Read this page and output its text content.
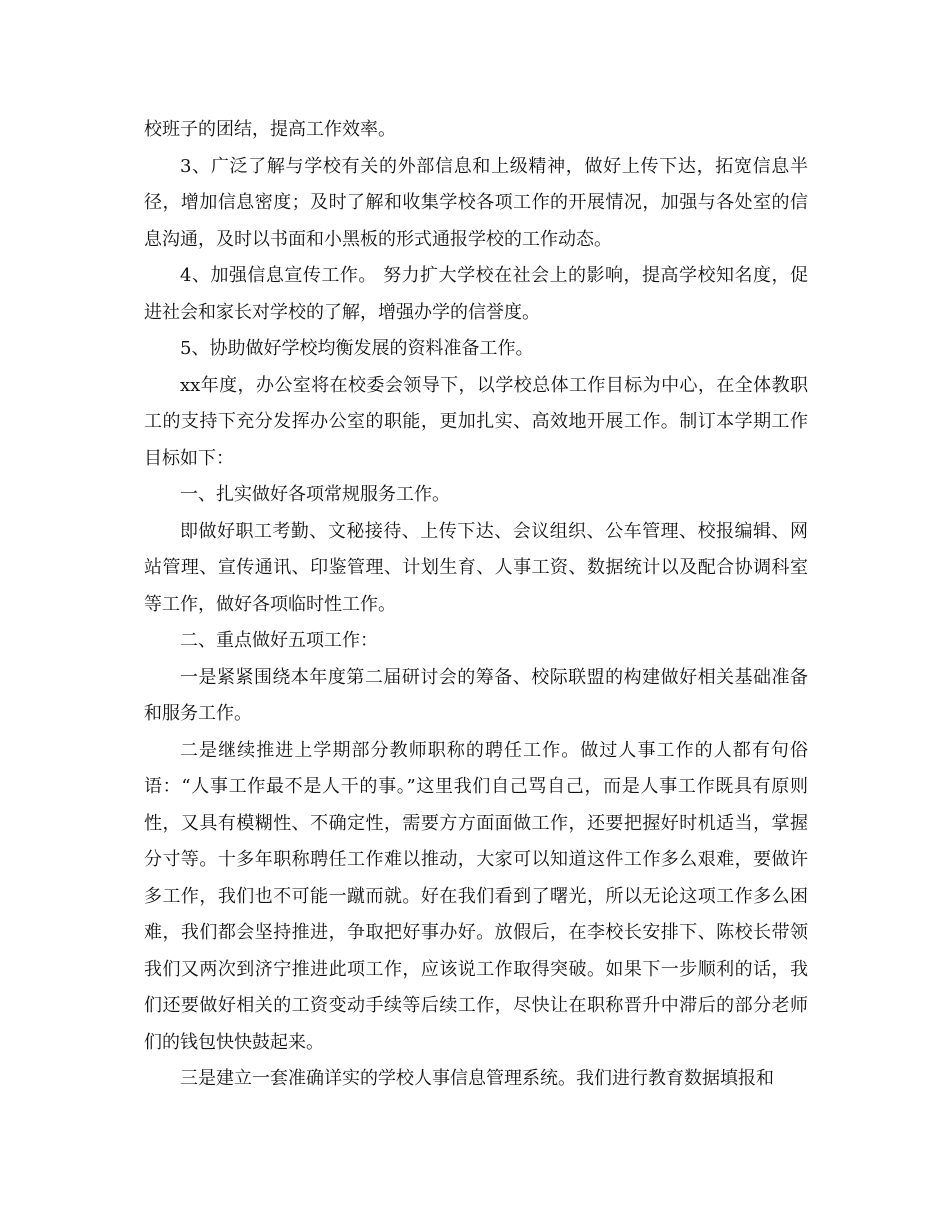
校班子的团结，提高工作效率。

3、广泛了解与学校有关的外部信息和上级精神，做好上传下达，拓宽信息半径，增加信息密度；及时了解和收集学校各项工作的开展情况，加强与各处室的信息沟通，及时以书面和小黑板的形式通报学校的工作动态。

4、加强信息宣传工作。 努力扩大学校在社会上的影响，提高学校知名度，促进社会和家长对学校的了解，增强办学的信誉度。

5、协助做好学校均衡发展的资料准备工作。

xx年度，办公室将在校委会领导下，以学校总体工作目标为中心，在全体教职工的支持下充分发挥办公室的职能，更加扎实、高效地开展工作。制订本学期工作目标如下：

一、扎实做好各项常规服务工作。

即做好职工考勤、文秘接待、上传下达、会议组织、公车管理、校报编辑、网站管理、宣传通讯、印鉴管理、计划生育、人事工资、数据统计以及配合协调科室等工作，做好各项临时性工作。

二、重点做好五项工作：

一是紧紧围绕本年度第二届研讨会的筹备、校际联盟的构建做好相关基础准备和服务工作。

二是继续推进上学期部分教师职称的聘任工作。做过人事工作的人都有句俗语：“人事工作最不是人干的事。”这里我们自己骂自己，而是人事工作既具有原则性，又具有模糊性、不确定性，需要方方面面做工作，还要把握好时机适当，掌握分寸等。十多年职称聘任工作难以推动，大家可以知道这件工作多么艰难，要做许多工作，我们也不可能一蹴而就。好在我们看到了曙光，所以无论这项工作多么困难，我们都会坚持推进，争取把好事办好。放假后，在李校长安排下、陈校长带领我们又两次到济宁推进此项工作，应该说工作取得突破。如果下一步顺利的话，我们还要做好相关的工资变动手续等后续工作，尽快让在职称晋升中滞后的部分老师们的钱包快快鼓起来。

三是建立一套准确详实的学校人事信息管理系统。我们进行教育数据填报和
